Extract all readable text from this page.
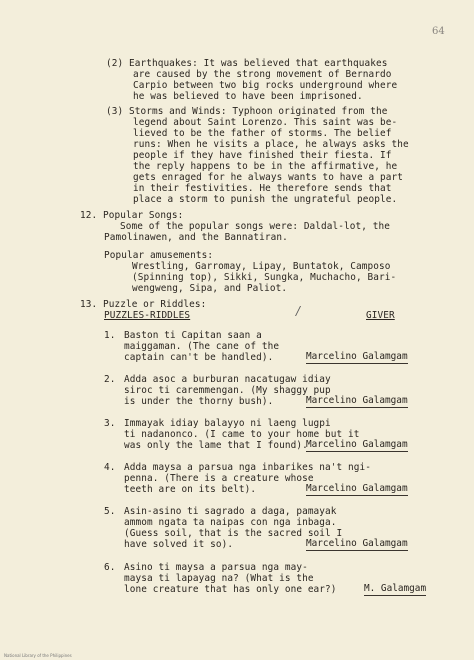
64
(2) Earthquakes: It was believed that earthquakes
are caused by the strong movement of Bernardo
Carpio between two big rocks underground where
he was believed to have been imprisoned.
(3) Storms and Winds: Typhoon originated from the
legend about Saint Lorenzo. This saint was be-
lieved to be the father of storms. The belief
runs: When he visits a place, he always asks the
people if they have finished their fiesta. If
the reply happens to be in the affirmative, he
gets enraged for he always wants to have a part
in their festivities. He therefore sends that
place a storm to punish the ungrateful people.
12. Popular Songs:
Some of the popular songs were: Daldal-lot, the
Pamolinawen, and the Bannatiran.
Popular amusements:
Wrestling, Garromay, Lipay, Buntatok, Camposo
(Spinning top), Sikki, Sungka, Muchacho, Bari-
wengweng, Sipa, and Paliot.
13. Puzzle or Riddles:
PUZZLES-RIDDLES	/	GIVER
1. Baston ti Capitan saan a
maiggaman. (The cane of the
captain can't be handled).	Marcelino Galamgam
2. Adda asoc a burburan nacatugaw idiay
siroc ti caremmengan. (My shaggy pup
is under the thorny bush).	Marcelino Galamgam
3. Immayak idiay balayyo ni laeng lugpi
ti nadanonco. (I came to your home but it
was only the lame that I found).
Marcelino Galamgam
4. Adda maysa a parsua nga inbarikes na't ngi-
penna. (There is a creature whose
teeth are on its belt).	Marcelino Galamgam
5. Asin-asino ti sagrado a daga, pamayak
ammom ngata ta naipas con nga inbaga.
(Guess soil, that is the sacred soil I
have solved it so).	Marcelino Galamgam
6. Asino ti maysa a parsua nga may-
maysa ti lapayag na? (What is the
lone creature that has only one ear?)	M. Galamgam
National Library of the Philippines
